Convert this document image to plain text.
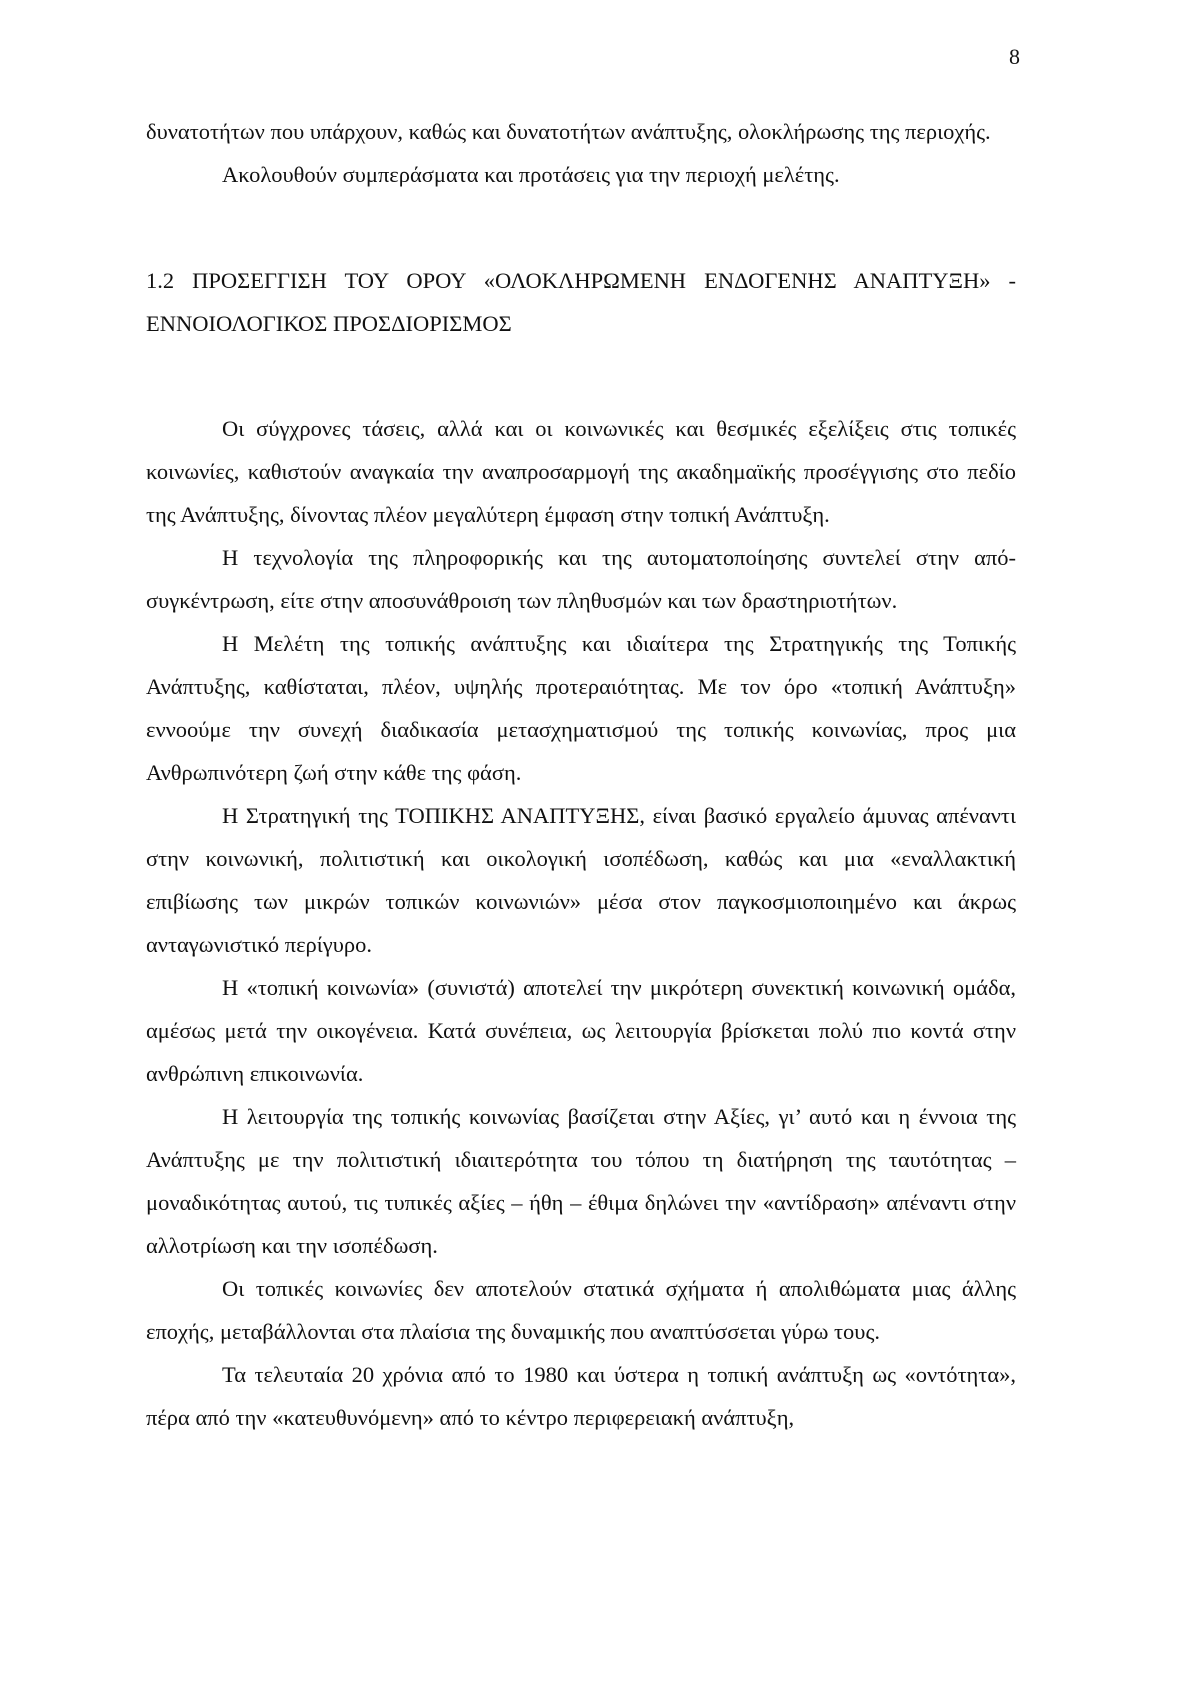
8

δυνατοτήτων που υπάρχουν, καθώς και δυνατοτήτων ανάπτυξης, ολοκλήρωσης της περιοχής.

Ακολουθούν συμπεράσματα και προτάσεις για την περιοχή μελέτης.

1.2 ΠΡΟΣΕΓΓΙΣΗ ΤΟΥ ΟΡΟΥ «ΟΛΟΚΛΗΡΩΜΕΝΗ ΕΝΔΟΓΕΝΗΣ ΑΝΑΠΤΥΞΗ» - ΕΝΝΟΙΟΛΟΓΙΚΟΣ ΠΡΟΣΔΙΟΡΙΣΜΟΣ

Οι σύγχρονες τάσεις, αλλά και οι κοινωνικές και θεσμικές εξελίξεις στις τοπικές κοινωνίες, καθιστούν αναγκαία την αναπροσαρμογή της ακαδημαϊκής προσέγγισης στο πεδίο της Ανάπτυξης, δίνοντας πλέον μεγαλύτερη έμφαση στην τοπική Ανάπτυξη.

Η τεχνολογία της πληροφορικής και της αυτοματοποίησης συντελεί στην από-συγκέντρωση, είτε στην αποσυνάθροιση των πληθυσμών και των δραστηριοτήτων.

Η Μελέτη της τοπικής ανάπτυξης και ιδιαίτερα της Στρατηγικής της Τοπικής Ανάπτυξης, καθίσταται, πλέον, υψηλής προτεραιότητας. Με τον όρο «τοπική Ανάπτυξη» εννοούμε την συνεχή διαδικασία μετασχηματισμού της τοπικής κοινωνίας, προς μια Ανθρωπινότερη ζωή στην κάθε της φάση.

Η Στρατηγική της ΤΟΠΙΚΗΣ ΑΝΑΠΤΥΞΗΣ, είναι βασικό εργαλείο άμυνας απέναντι στην κοινωνική, πολιτιστική και οικολογική ισοπέδωση, καθώς και μια «εναλλακτική επιβίωσης των μικρών τοπικών κοινωνιών» μέσα στον παγκοσμιοποιημένο και άκρως ανταγωνιστικό περίγυρο.

Η «τοπική κοινωνία» (συνιστά) αποτελεί την μικρότερη συνεκτική κοινωνική ομάδα, αμέσως μετά την οικογένεια. Κατά συνέπεια, ως λειτουργία βρίσκεται πολύ πιο κοντά στην ανθρώπινη επικοινωνία.

Η λειτουργία της τοπικής κοινωνίας βασίζεται στην Αξίες, γι’ αυτό και η έννοια της Ανάπτυξης με την πολιτιστική ιδιαιτερότητα του τόπου τη διατήρηση της ταυτότητας – μοναδικότητας αυτού, τις τυπικές αξίες – ήθη – έθιμα δηλώνει την «αντίδραση» απέναντι στην αλλοτρίωση και την ισοπέδωση.

Οι τοπικές κοινωνίες δεν αποτελούν στατικά σχήματα ή απολιθώματα μιας άλλης εποχής, μεταβάλλονται στα πλαίσια της δυναμικής που αναπτύσσεται γύρω τους.

Τα τελευταία 20 χρόνια από το 1980 και ύστερα η τοπική ανάπτυξη ως «οντότητα», πέρα από την «κατευθυνόμενη» από το κέντρο περιφερειακή ανάπτυξη,
